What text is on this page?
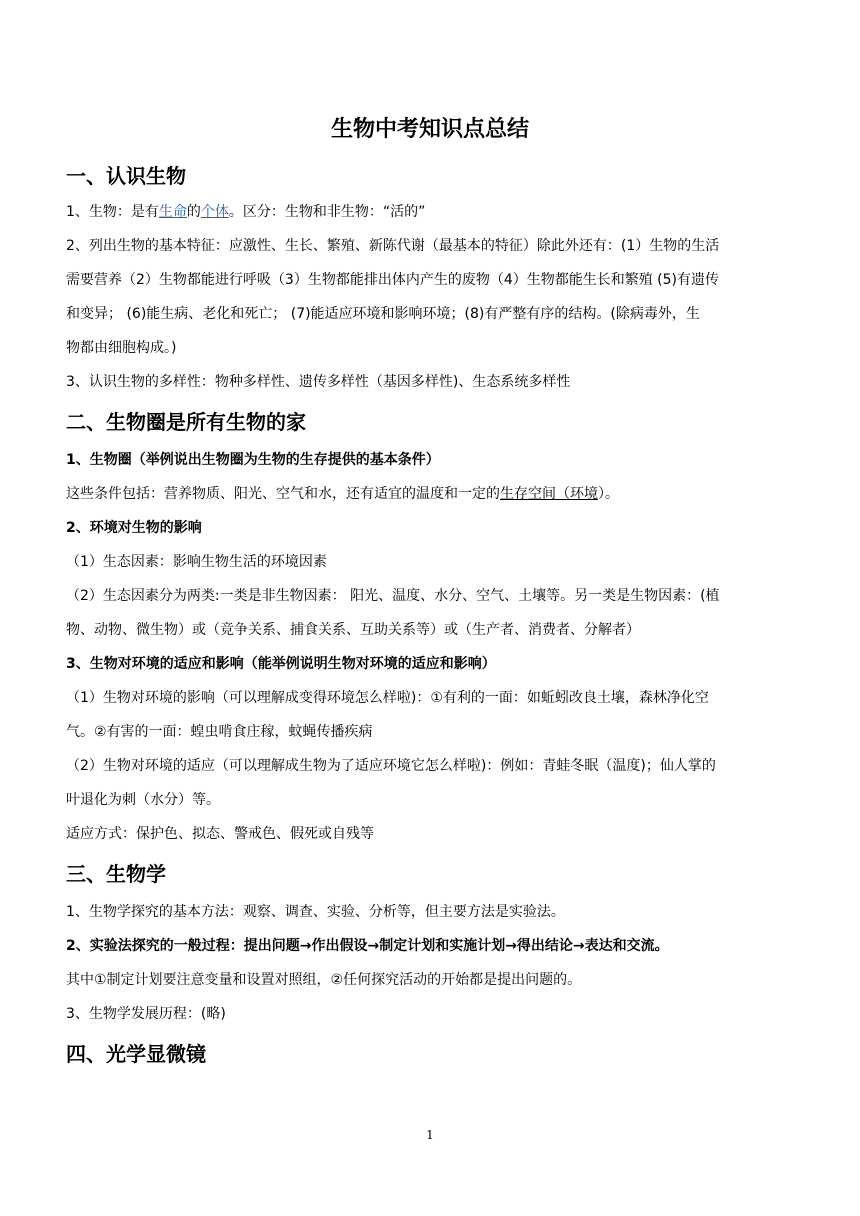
生物中考知识点总结
一、认识生物
1、生物：是有生命的个体。区分：生物和非生物：“活的”
2、列出生物的基本特征：应激性、生长、繁殖、新陈代谢（最基本的特征）除此外还有：(1）生物的生活
需要营养（2）生物都能进行呼吸（3）生物都能排出体内产生的废物（4）生物都能生长和繁殖 (5)有遗传
和变异； (6)能生病、老化和死亡； (7)能适应环境和影响环境；(8)有严整有序的结构。(除病毒外，生
物都由细胞构成。)
3、认识生物的多样性：物种多样性、遗传多样性（基因多样性)、生态系统多样性
二、生物圈是所有生物的家
1、生物圈（举例说出生物圈为生物的生存提供的基本条件）
这些条件包括：营养物质、阳光、空气和水，还有适宜的温度和一定的生存空间（环境）。
2、环境对生物的影响
（1）生态因素：影响生物生活的环境因素
（2）生态因素分为两类:一类是非生物因素： 阳光、温度、水分、空气、土壤等。另一类是生物因素：(植
物、动物、微生物）或（竞争关系、捕食关系、互助关系等）或（生产者、消费者、分解者）
3、生物对环境的适应和影响（能举例说明生物对环境的适应和影响）
（1）生物对环境的影响（可以理解成变得环境怎么样啦)：①有利的一面：如蚯蚓改良土壤，森林净化空
气。②有害的一面：蝗虫啃食庄稼，蚊蝇传播疾病
（2）生物对环境的适应（可以理解成生物为了适应环境它怎么样啦)：例如：青蛙冬眠（温度)；仙人掌的
叶退化为刺（水分）等。
适应方式：保护色、拟态、警戒色、假死或自残等
三、生物学
1、生物学探究的基本方法：观察、调查、实验、分析等，但主要方法是实验法。
2、实验法探究的一般过程：提出问题→作出假设→制定计划和实施计划→得出结论→表达和交流。
其中①制定计划要注意变量和设置对照组，②任何探究活动的开始都是提出问题的。
3、生物学发展历程：(略)
四、光学显微镜
1
